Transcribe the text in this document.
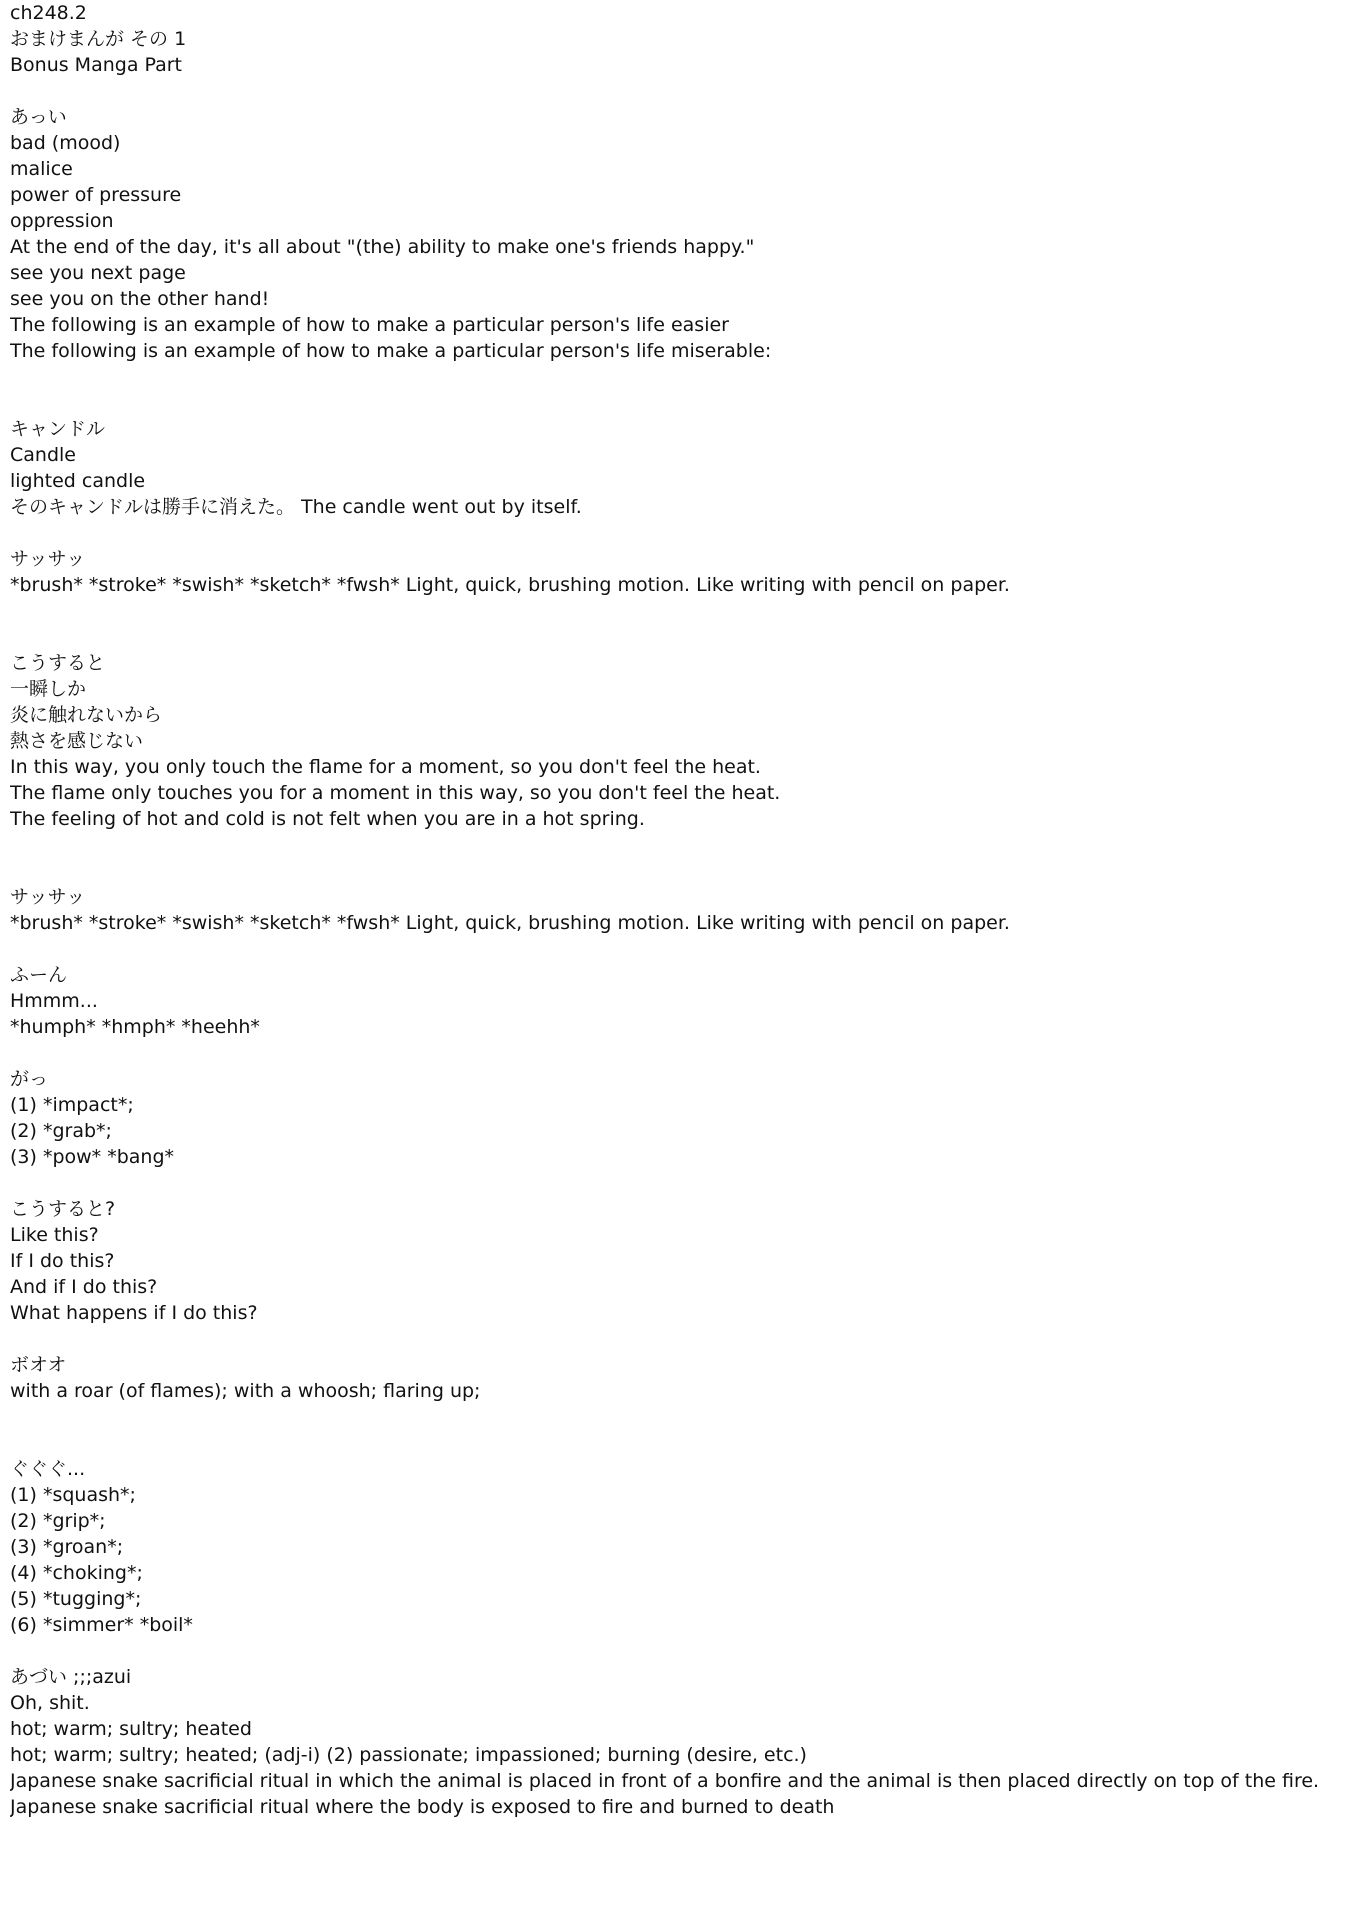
ch248.2
おまけまんが その 1
Bonus Manga Part
あっい
bad (mood)
malice
power of pressure
oppression
At the end of the day, it's all about "(the) ability to make one's friends happy."
see you next page
see you on the other hand!
The following is an example of how to make a particular person's life easier
The following is an example of how to make a particular person's life miserable:
キャンドル
Candle
lighted candle
そのキャンドルは勝手に消えた。 The candle went out by itself.
サッサッ
*brush* *stroke* *swish* *sketch* *fwsh* Light, quick, brushing motion. Like writing with pencil on paper.
こうすると
一瞬しか
炎に触れないから
熱さを感じない
In this way, you only touch the flame for a moment, so you don't feel the heat.
The flame only touches you for a moment in this way, so you don't feel the heat.
The feeling of hot and cold is not felt when you are in a hot spring.
サッサッ
*brush* *stroke* *swish* *sketch* *fwsh* Light, quick, brushing motion. Like writing with pencil on paper.
ふーん
Hmmm...
*humph* *hmph* *heehh*
がっ
(1) *impact*;
(2) *grab*;
(3) *pow* *bang*
こうすると?
Like this?
If I do this?
And if I do this?
What happens if I do this?
ボオオ
with a roar (of flames); with a whoosh; flaring up;
ぐぐぐ...
(1) *squash*;
(2) *grip*;
(3) *groan*;
(4) *choking*;
(5) *tugging*;
(6) *simmer* *boil*
あづい ;;;azui
Oh, shit.
hot; warm; sultry; heated
hot; warm; sultry; heated; (adj-i) (2) passionate; impassioned; burning (desire, etc.)
Japanese snake sacrificial ritual in which the animal is placed in front of a bonfire and the animal is then placed directly on top of the fire.
Japanese snake sacrificial ritual where the body is exposed to fire and burned to death
